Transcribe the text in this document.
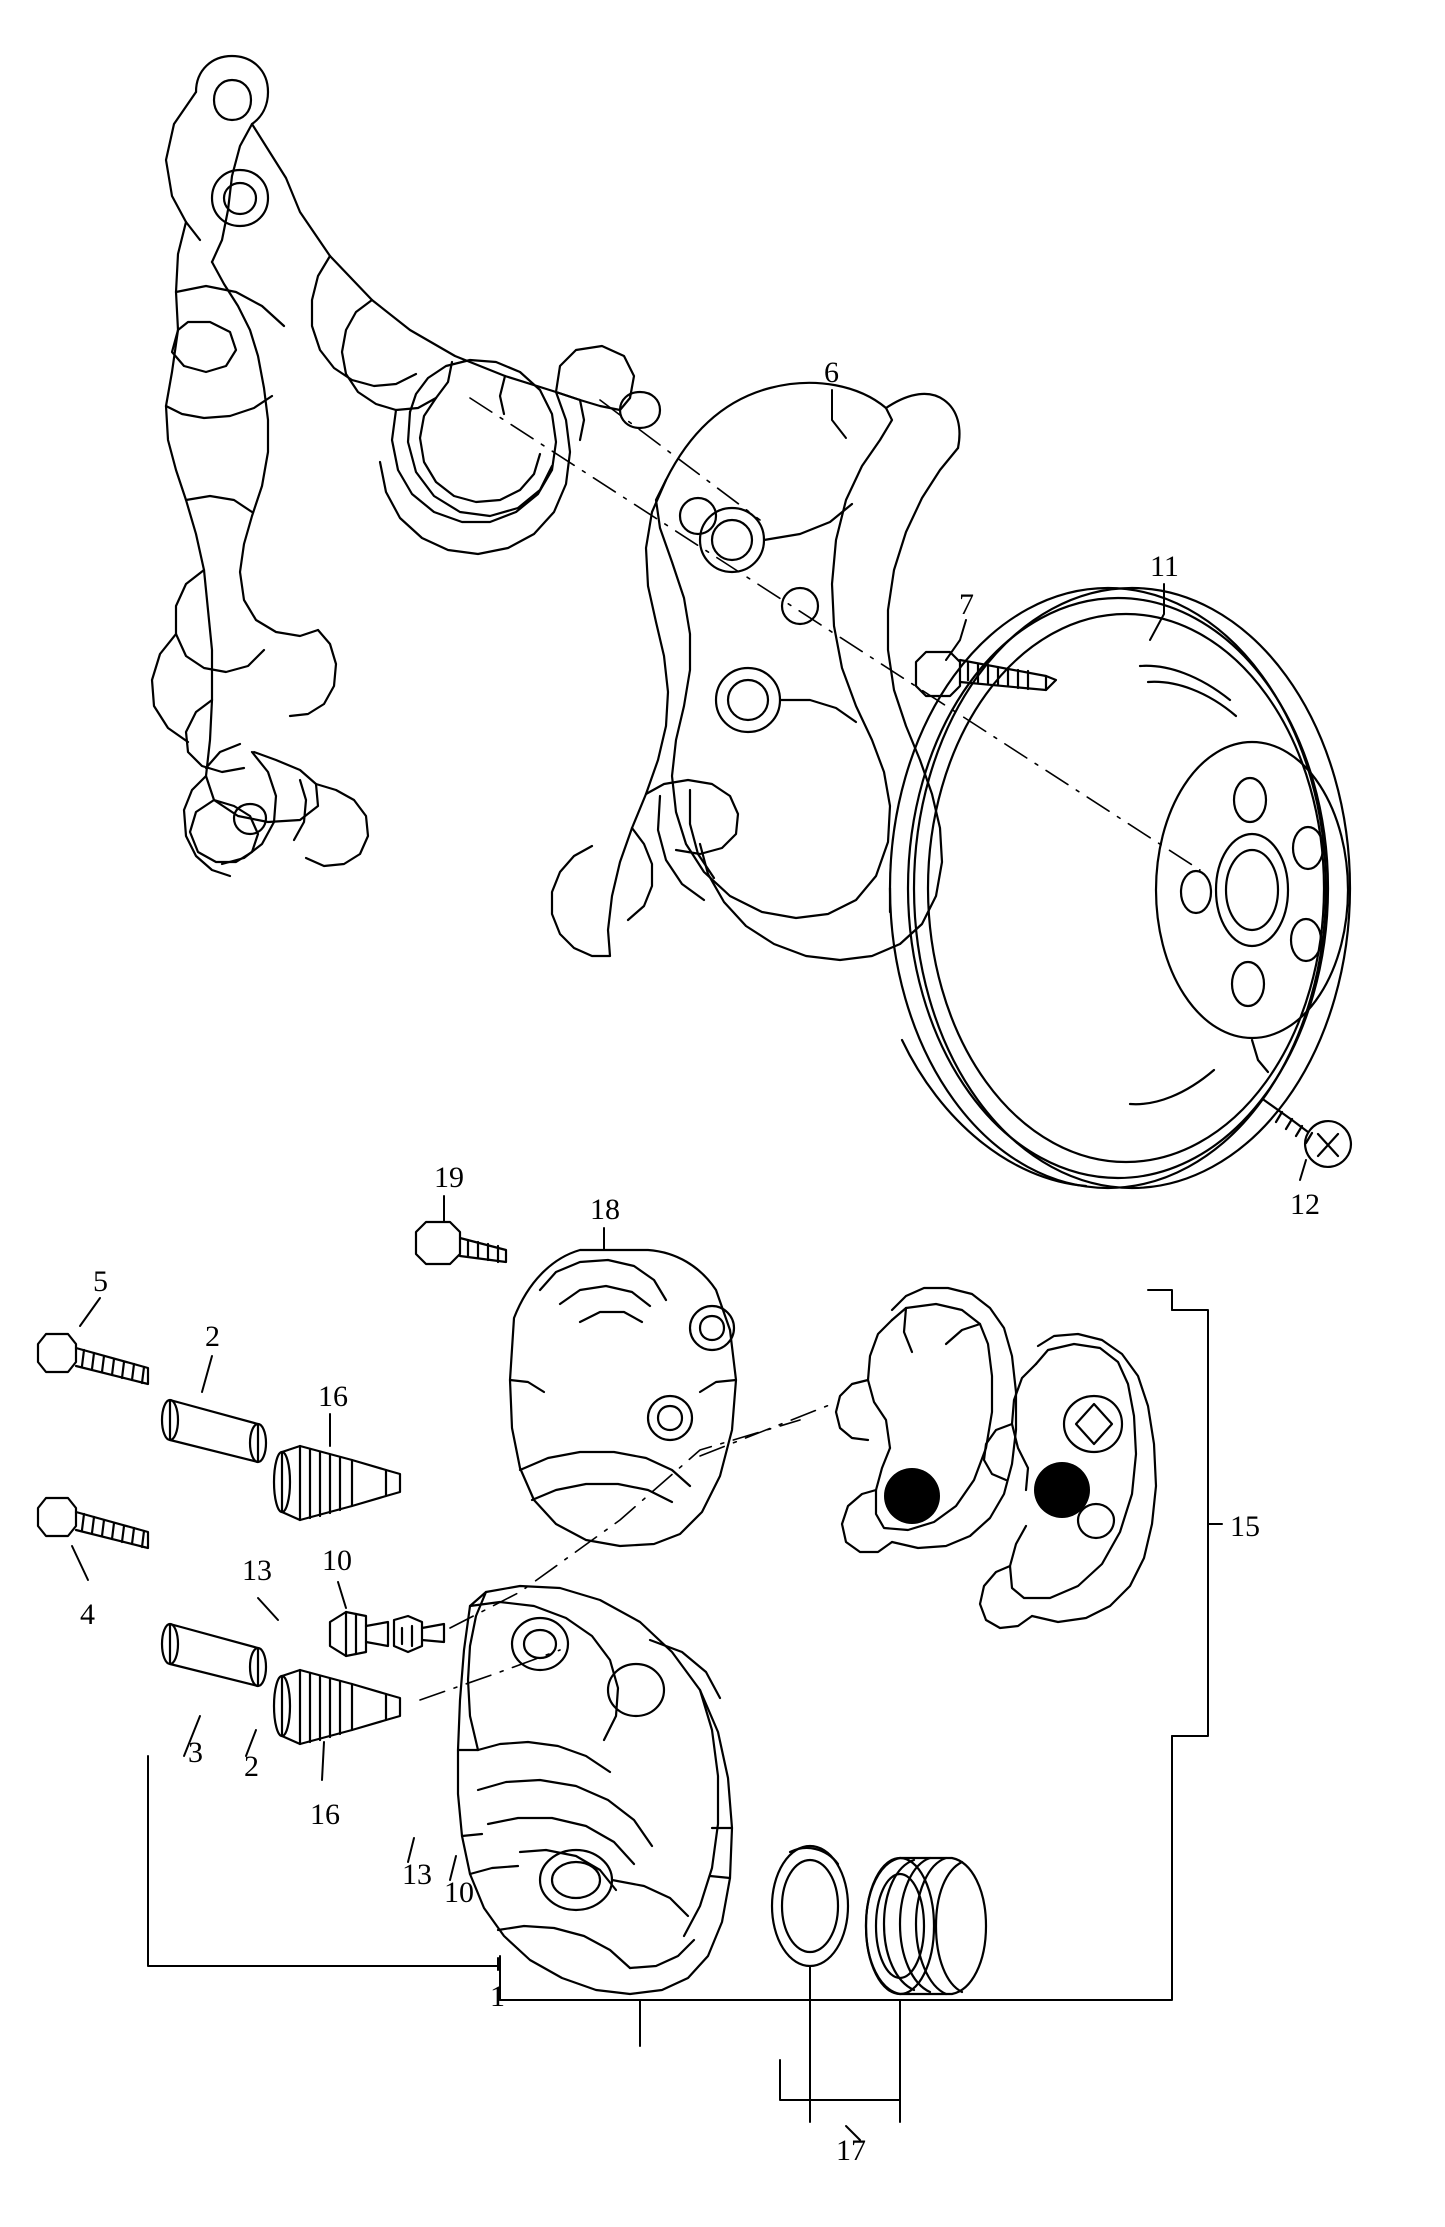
6
7
11
12
19
18
5
2
16
4
13 10
3 2
16
13
10
1
15
17
